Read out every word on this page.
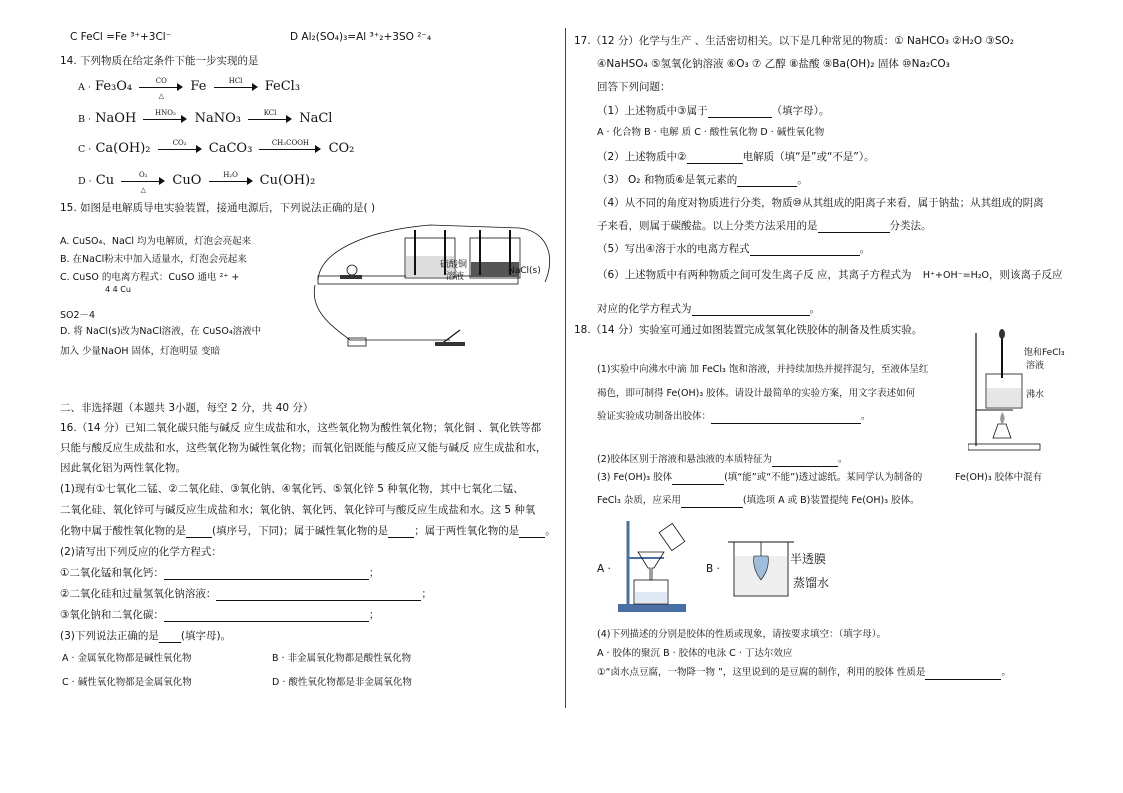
C FeCl =Fe ³⁺+3Cl⁻	D Al₂(SO₄)₃=Al ³⁺₂+3SO ²⁻₄
14. 下列物质在给定条件下能一步实现的是
A · Fe₃O₄	CO
△
Fe	HCl	FeCl₃
B · NaOH	HNO₃	NaNO₃	KCl	NaCl
C · Ca(OH)₂	CO₂	CaCO₃	CH₃COOH	CO₂
D · Cu	O₂
△
CuO	H₂O	Cu(OH)₂
15. 如图是电解质导电实验装置，接通电源后，下列说法正确的是( )
A. CuSO₄、NaCl 均为电解质，灯泡会亮起来
B. 在NaCl粉末中加入适量水，灯泡会亮起来
C. CuSO 的电离方程式：CuSO 通电 ²⁺ +
4 4 Cu
SO2－4
D. 将 NaCl(s)改为NaCl溶液，在 CuSO₄溶液中
加入 少量NaOH 固体，灯泡明显 变暗
硫酸铜
溶液
NaCl(s)
二、非选择题（本题共 3小题，每空 2 分，共 40 分）
16.（14 分）已知二氧化碳只能与碱反 应生成盐和水，这些氧化物为酸性氧化物；氧化铜 、氧化铁等都
只能与酸反应生成盐和水，这些氧化物为碱性氧化物；而氧化铝既能与酸反应又能与碱反 应生成盐和水，
因此氧化铝为两性氧化物。
(1)现有①七氧化二锰、②二氧化硅、③氧化钠、④氧化钙、⑤氧化锌 5 种氧化物，其中七氧化二锰、
二氧化硅、氧化锌可与碱反应生成盐和水；氧化钠、氧化钙、氧化锌可与酸反应生成盐和水。这 5 种氧
化物中属于酸性氧化物的是 (填序号，下同)；属于碱性氧化物的是 ；属于两性氧化物的是 。
(2)请写出下列反应的化学方程式：
①二氧化锰和氧化钙：	；
②二氧化硅和过量氢氧化钠溶液：	；
③氧化钠和二氧化碳：	；
(3)下列说法正确的是 (填字母)。
A · 金属氧化物都是碱性氧化物	B · 非金属氧化物都是酸性氧化物
C · 碱性氧化物都是金属氧化物	D · 酸性氧化物都是非金属氧化物
17.（12 分）化学与生产 、生活密切相关。以下是几种常见的物质：① NaHCO₃ ②H₂O ③SO₂
④NaHSO₄ ⑤氢氧化钠溶液 ⑥O₃ ⑦ 乙醇 ⑧盐酸 ⑨Ba(OH)₂ 固体 ⑩Na₂CO₃
回答下列问题：
（1）上述物质中③属于	（填字母）。
A · 化合物 B · 电解 质 C · 酸性氧化物 D · 碱性氧化物
（2）上述物质中②	电解质（填“是”或“不是”）。
（3） O₂ 和物质⑥是氧元素的	。
（4）从不同的角度对物质进行分类，物质⑩从其组成的阳离子来看，属于钠盐；从其组成的阴离
子来看，则属于碳酸盐。以上分类方法采用的是	分类法。
（5）写出④溶于水的电离方程式	。
（6）上述物质中有两种物质之间可发生离子反 应，其离子方程式为 H⁺+OH⁻=H₂O，则该离子反应
对应的化学方程式为	。
18.（14 分）实验室可通过如图装置完成氢氧化铁胶体的制备及性质实验。
(1)实验中向沸水中滴 加 FeCl₃ 饱和溶液，并持续加热并搅拌混匀，至液体呈红
褐色，即可制得 Fe(OH)₃ 胶体。请设计最简单的实验方案，用文字表述如何
验证实验成功制备出胶体：	。
饱和FeCl₃
溶液
沸水
(2)胶体区别于溶液和悬浊液的本质特征为	。
(3) Fe(OH)₃ 胶体	(填“能”或“不能”)透过滤纸。某同学认为制备的	Fe(OH)₃ 胶体中混有
FeCl₃ 杂质，应采用	(填选项 A 或 B)装置提纯 Fe(OH)₃ 胶体。
A ·	B ·
半透膜
蒸馏水
(4)下列描述的分别是胶体的性质或现象，请按要求填空：（填字母）。
A · 胶体的聚沉 B · 胶体的电泳 C · 丁达尔效应
①“卤水点豆腐，一物降一物 ”，这里说到的是豆腐的制作，利用的胶体 性质是	。
